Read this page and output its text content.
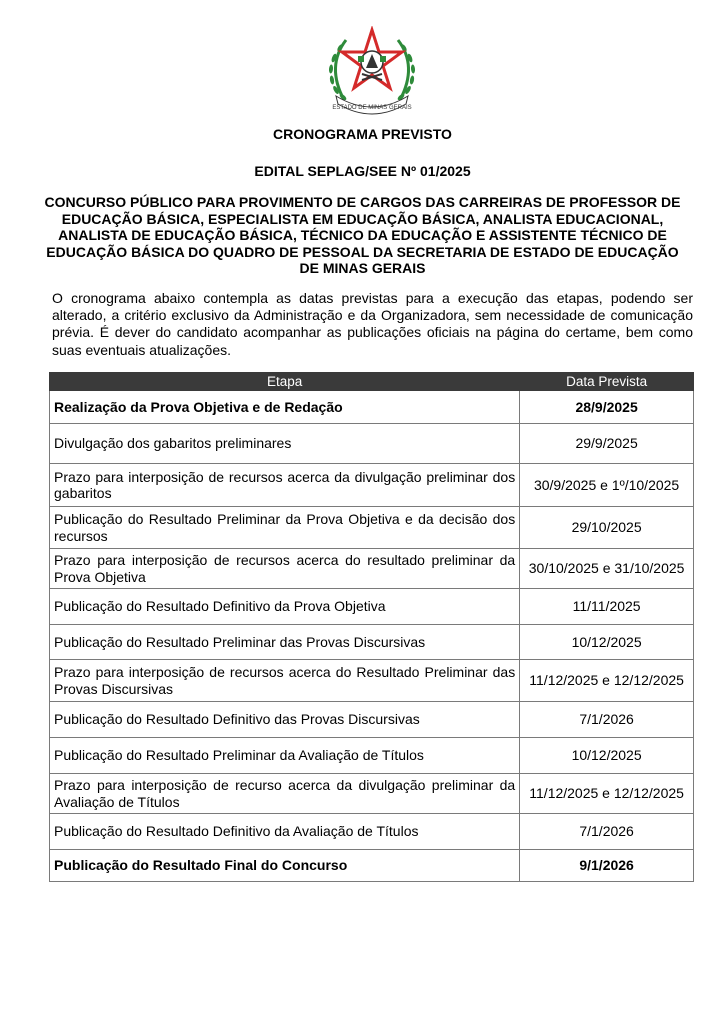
ESTADO DE MINAS GERAIS
CRONOGRAMA PREVISTO
EDITAL SEPLAG/SEE Nº 01/2025
CONCURSO PÚBLICO PARA PROVIMENTO DE CARGOS DAS CARREIRAS DE PROFESSOR DE EDUCAÇÃO BÁSICA, ESPECIALISTA EM EDUCAÇÃO BÁSICA, ANALISTA EDUCACIONAL, ANALISTA DE EDUCAÇÃO BÁSICA, TÉCNICO DA EDUCAÇÃO E ASSISTENTE TÉCNICO DE EDUCAÇÃO BÁSICA DO QUADRO DE PESSOAL DA SECRETARIA DE ESTADO DE EDUCAÇÃO DE MINAS GERAIS

O cronograma abaixo contempla as datas previstas para a execução das etapas, podendo ser alterado, a critério exclusivo da Administração e da Organizadora, sem necessidade de comunicação prévia. É dever do candidato acompanhar as publicações oficiais na página do certame, bem como suas eventuais atualizações.

Etapa	Data Prevista
Realização da Prova Objetiva e de Redação	28/9/2025
Divulgação dos gabaritos preliminares	29/9/2025
Prazo para interposição de recursos acerca da divulgação preliminar dos gabaritos	30/9/2025 e 1º/10/2025
Publicação do Resultado Preliminar da Prova Objetiva e da decisão dos recursos	29/10/2025
Prazo para interposição de recursos acerca do resultado preliminar da Prova Objetiva	30/10/2025 e 31/10/2025
Publicação do Resultado Definitivo da Prova Objetiva	11/11/2025
Publicação do Resultado Preliminar das Provas Discursivas	10/12/2025
Prazo para interposição de recursos acerca do Resultado Preliminar das Provas Discursivas	11/12/2025 e 12/12/2025
Publicação do Resultado Definitivo das Provas Discursivas	7/1/2026
Publicação do Resultado Preliminar da Avaliação de Títulos	10/12/2025
Prazo para interposição de recurso acerca da divulgação preliminar da Avaliação de Títulos	11/12/2025 e 12/12/2025
Publicação do Resultado Definitivo da Avaliação de Títulos	7/1/2026
Publicação do Resultado Final do Concurso	9/1/2026
